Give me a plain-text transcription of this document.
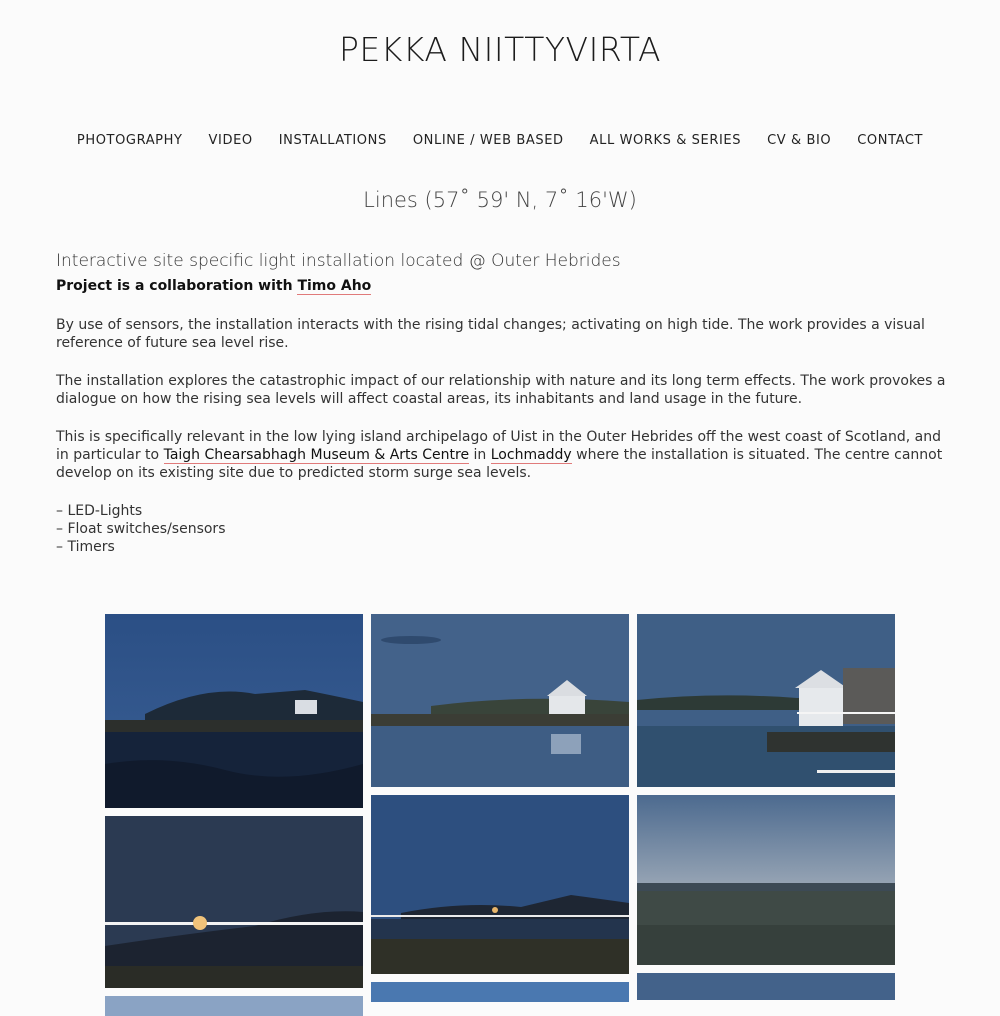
PEKKA NIITTYVIRTA
PHOTOGRAPHY VIDEO INSTALLATIONS ONLINE / WEB BASED ALL WORKS & SERIES CV & BIO CONTACT
Lines (57˚ 59' N, 7˚ 16'W)
Interactive site specific light installation located @ Outer Hebrides
Project is a collaboration with Timo Aho

By use of sensors, the installation interacts with the rising tidal changes; activating on high tide. The work provides a visual reference of future sea level rise.

The installation explores the catastrophic impact of our relationship with nature and its long term effects. The work provokes a dialogue on how the rising sea levels will affect coastal areas, its inhabitants and land usage in the future.

This is specifically relevant in the low lying island archipelago of Uist in the Outer Hebrides off the west coast of Scotland, and in particular to Taigh Chearsabhagh Museum & Arts Centre in Lochmaddy where the installation is situated. The centre cannot develop on its existing site due to predicted storm surge sea levels.

– LED-Lights
– Float switches/sensors
– Timers
